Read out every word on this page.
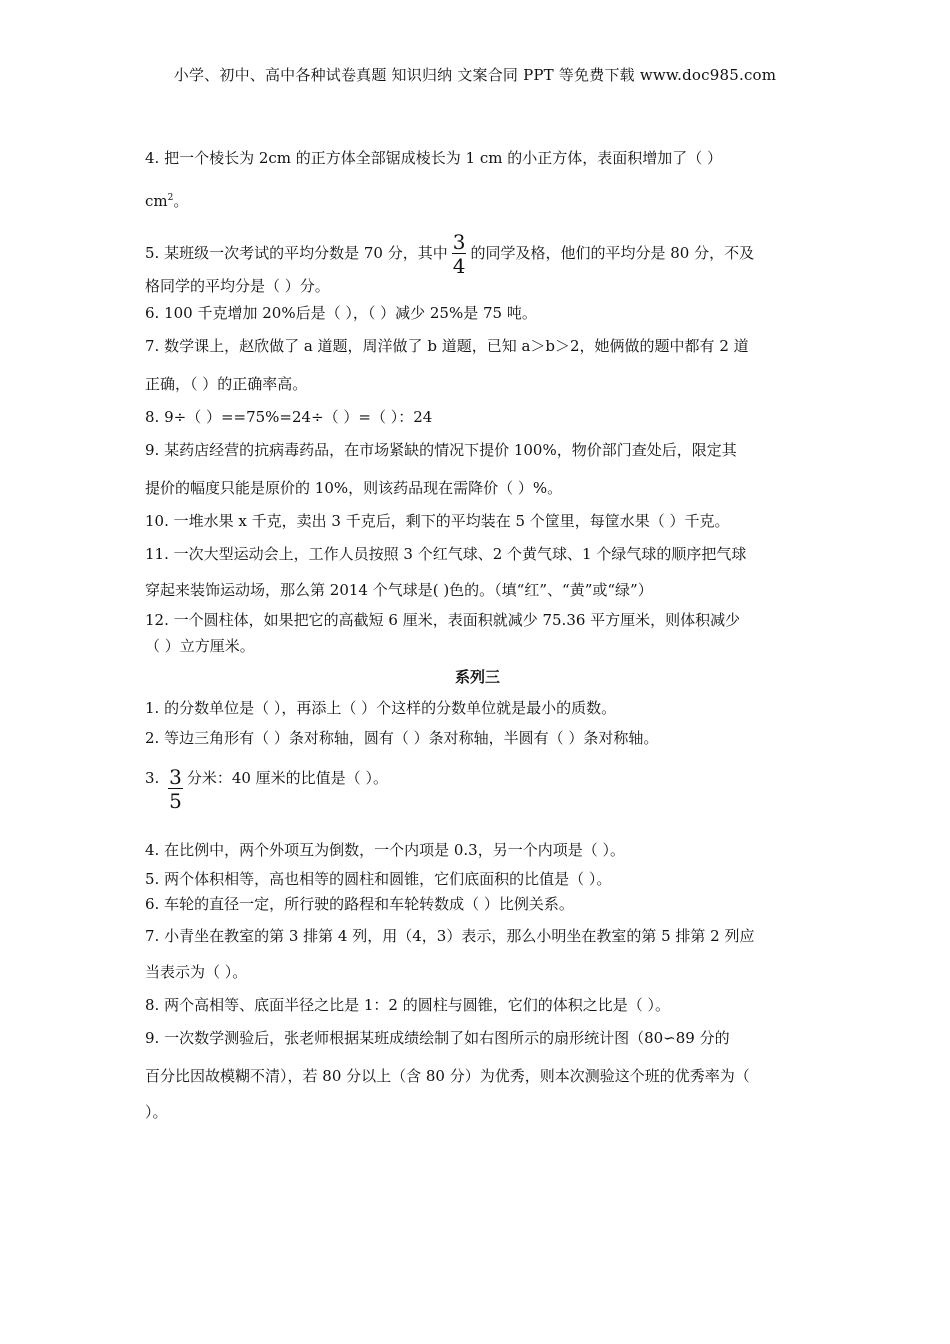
小学、初中、高中各种试卷真题 知识归纳 文案合同 PPT 等免费下载 www.doc985.com
4. 把一个棱长为 2cm 的正方体全部锯成棱长为 1 cm 的小正方体，表面积增加了（ ）
$cm^2$。
5. 某班级一次考试的平均分数是 70 分，其中 $\frac{3}{4}$ 的同学及格，他们的平均分是 80 分，不及
格同学的平均分是（ ）分。
6. 100 千克增加 20%后是（ ），（ ）减少 25%是 75 吨。
7. 数学课上，赵欣做了 a 道题，周洋做了 b 道题，已知 a＞b＞2，她俩做的题中都有 2 道
正确，（ ）的正确率高。
8. 9÷（ ）==75%=24÷（ ）=（ ）：24
9. 某药店经营的抗病毒药品，在市场紧缺的情况下提价 100%，物价部门查处后，限定其
提价的幅度只能是原价的 10%，则该药品现在需降价（ ）%。
10. 一堆水果 x 千克，卖出 3 千克后，剩下的平均装在 5 个筐里，每筐水果（ ）千克。
11. 一次大型运动会上，工作人员按照 3 个红气球、2 个黄气球、1 个绿气球的顺序把气球
穿起来装饰运动场，那么第 2014 个气球是( )色的。（填“红”、“黄”或“绿”）
12. 一个圆柱体，如果把它的高截短 6 厘米，表面积就减少 75.36 平方厘米，则体积减少
（ ）立方厘米。
系列三
1. 的分数单位是（ ），再添上（ ）个这样的分数单位就是最小的质数。
2. 等边三角形有（ ）条对称轴，圆有（ ）条对称轴，半圆有（ ）条对称轴。
3. $\frac{3}{5}$ 分米：40 厘米的比值是（ ）。
4. 在比例中，两个外项互为倒数，一个内项是 0.3，另一个内项是（ ）。
5. 两个体积相等，高也相等的圆柱和圆锥，它们底面积的比值是（ ）。
6. 车轮的直径一定，所行驶的路程和车轮转数成（ ）比例关系。
7. 小青坐在教室的第 3 排第 4 列，用（4，3）表示，那么小明坐在教室的第 5 排第 2 列应
当表示为（ ）。
8. 两个高相等、底面半径之比是 1：2 的圆柱与圆锥，它们的体积之比是（ ）。
9. 一次数学测验后，张老师根据某班成绩绘制了如右图所示的扇形统计图（80∽89 分的
百分比因故模糊不清），若 80 分以上（含 80 分）为优秀，则本次测验这个班的优秀率为（
）。
